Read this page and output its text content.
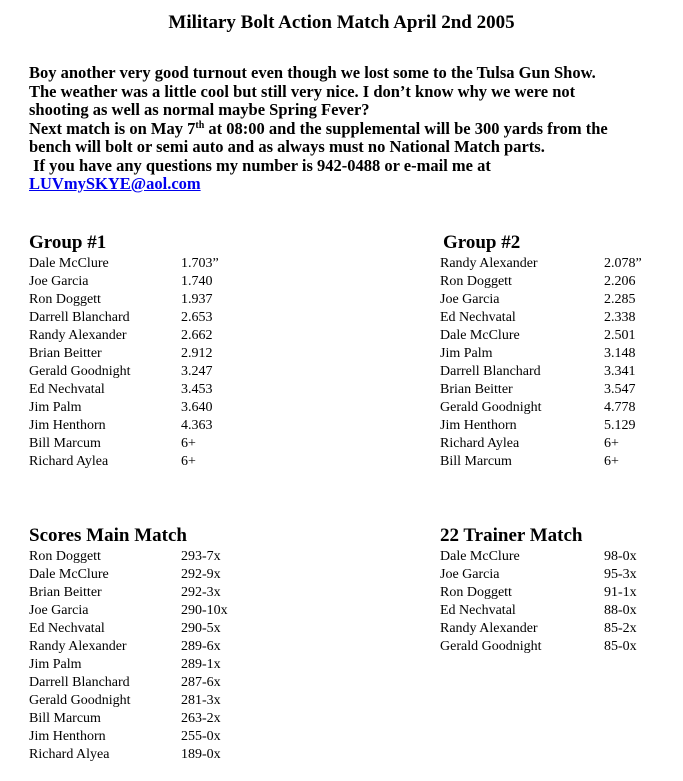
Military Bolt Action Match April 2nd 2005

Boy another very good turnout even though we lost some to the Tulsa Gun Show.

The weather was a little cool but still very nice. I don’t know why we were not

shooting as well as normal maybe Spring Fever?

Next match is on May 7th at 08:00 and the supplemental will be 300 yards from the

bench will bolt or semi auto and as always must no National Match parts.

If you have any questions my number is 942-0488 or e-mail me at

LUVmySKYE@aol.com

Group #1
Dale McClure	1.703”
Joe Garcia	1.740
Ron Doggett	1.937
Darrell Blanchard	2.653
Randy Alexander	2.662
Brian Beitter	2.912
Gerald Goodnight	3.247
Ed Nechvatal	3.453
Jim Palm	3.640
Jim Henthorn	4.363
Bill Marcum	6+
Richard Aylea	6+
Group #2
Randy Alexander	2.078”
Ron Doggett	2.206
Joe Garcia	2.285
Ed Nechvatal	2.338
Dale McClure	2.501
Jim Palm	3.148
Darrell Blanchard	3.341
Brian Beitter	3.547
Gerald Goodnight	4.778
Jim Henthorn	5.129
Richard Aylea	6+
Bill Marcum	6+
Scores Main Match
Ron Doggett	293-7x
Dale McClure	292-9x
Brian Beitter	292-3x
Joe Garcia	290-10x
Ed Nechvatal	290-5x
Randy Alexander	289-6x
Jim Palm	289-1x
Darrell Blanchard	287-6x
Gerald Goodnight	281-3x
Bill Marcum	263-2x
Jim Henthorn	255-0x
Richard Alyea	189-0x
22 Trainer Match
Dale McClure	98-0x
Joe Garcia	95-3x
Ron Doggett	91-1x
Ed Nechvatal	88-0x
Randy Alexander	85-2x
Gerald Goodnight	85-0x
